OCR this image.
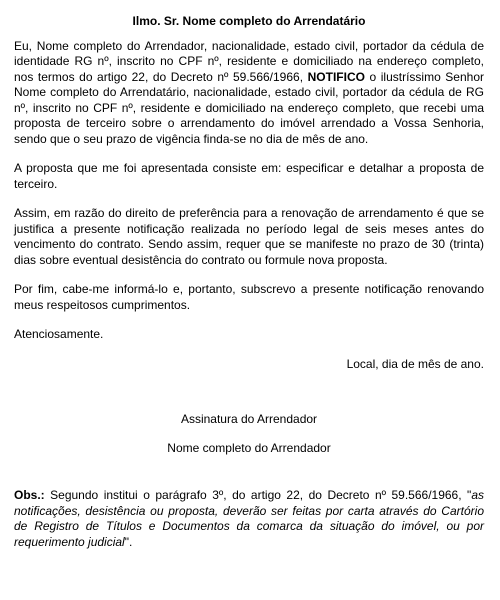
Ilmo. Sr. Nome completo do Arrendatário

Eu, Nome completo do Arrendador, nacionalidade, estado civil, portador da cédula de identidade RG nº, inscrito no CPF nº, residente e domiciliado na endereço completo, nos termos do artigo 22, do Decreto nº 59.566/1966, NOTIFICO o ilustríssimo Senhor Nome completo do Arrendatário, nacionalidade, estado civil, portador da cédula de RG nº, inscrito no CPF nº, residente e domiciliado na endereço completo, que recebi uma proposta de terceiro sobre o arrendamento do imóvel arrendado a Vossa Senhoria, sendo que o seu prazo de vigência finda-se no dia de mês de ano.

A proposta que me foi apresentada consiste em: especificar e detalhar a proposta de terceiro.

Assim, em razão do direito de preferência para a renovação de arrendamento é que se justifica a presente notificação realizada no período legal de seis meses antes do vencimento do contrato. Sendo assim, requer que se manifeste no prazo de 30 (trinta) dias sobre eventual desistência do contrato ou formule nova proposta.

Por fim, cabe-me informá-lo e, portanto, subscrevo a presente notificação renovando meus respeitosos cumprimentos.

Atenciosamente.

Local, dia de mês de ano.

Assinatura do Arrendador
Nome completo do Arrendador

Obs.: Segundo institui o parágrafo 3º, do artigo 22, do Decreto nº 59.566/1966, "as notificações, desistência ou proposta, deverão ser feitas por carta através do Cartório de Registro de Títulos e Documentos da comarca da situação do imóvel, ou por requerimento judicial".
